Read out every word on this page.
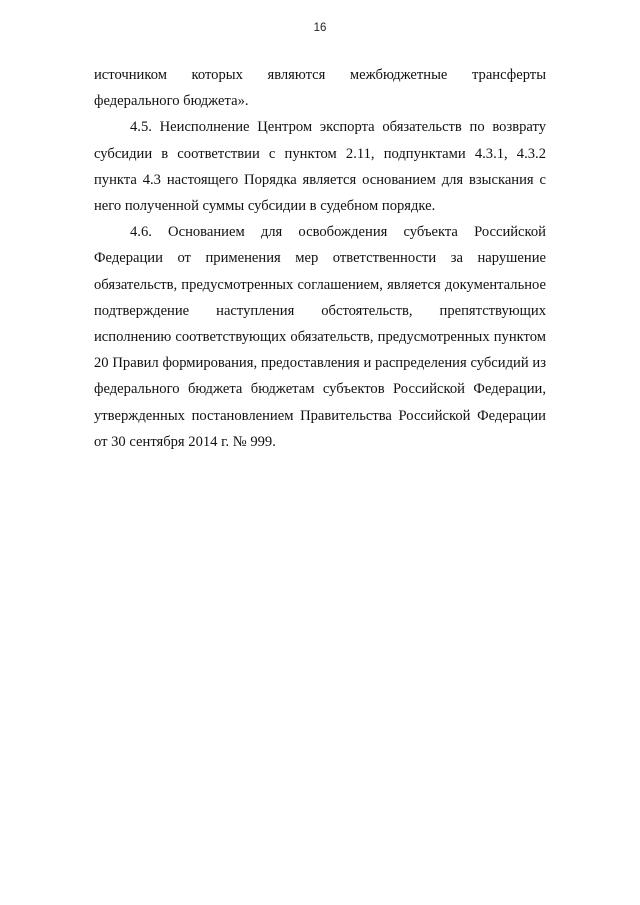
16

источником которых являются межбюджетные трансферты федерального бюджета».

4.5. Неисполнение Центром экспорта обязательств по возврату субсидии в соответствии с пунктом 2.11, подпунктами 4.3.1, 4.3.2 пункта 4.3 настоящего Порядка является основанием для взыскания с него полученной суммы субсидии в судебном порядке.

4.6. Основанием для освобождения субъекта Российской Федерации от применения мер ответственности за нарушение обязательств, предусмотренных соглашением, является документальное подтверждение наступления обстоятельств, препятствующих исполнению соответствующих обязательств, предусмотренных пунктом 20 Правил формирования, предоставления и распределения субсидий из федерального бюджета бюджетам субъектов Российской Федерации, утвержденных постановлением Правительства Российской Федерации от 30 сентября 2014 г. № 999.
